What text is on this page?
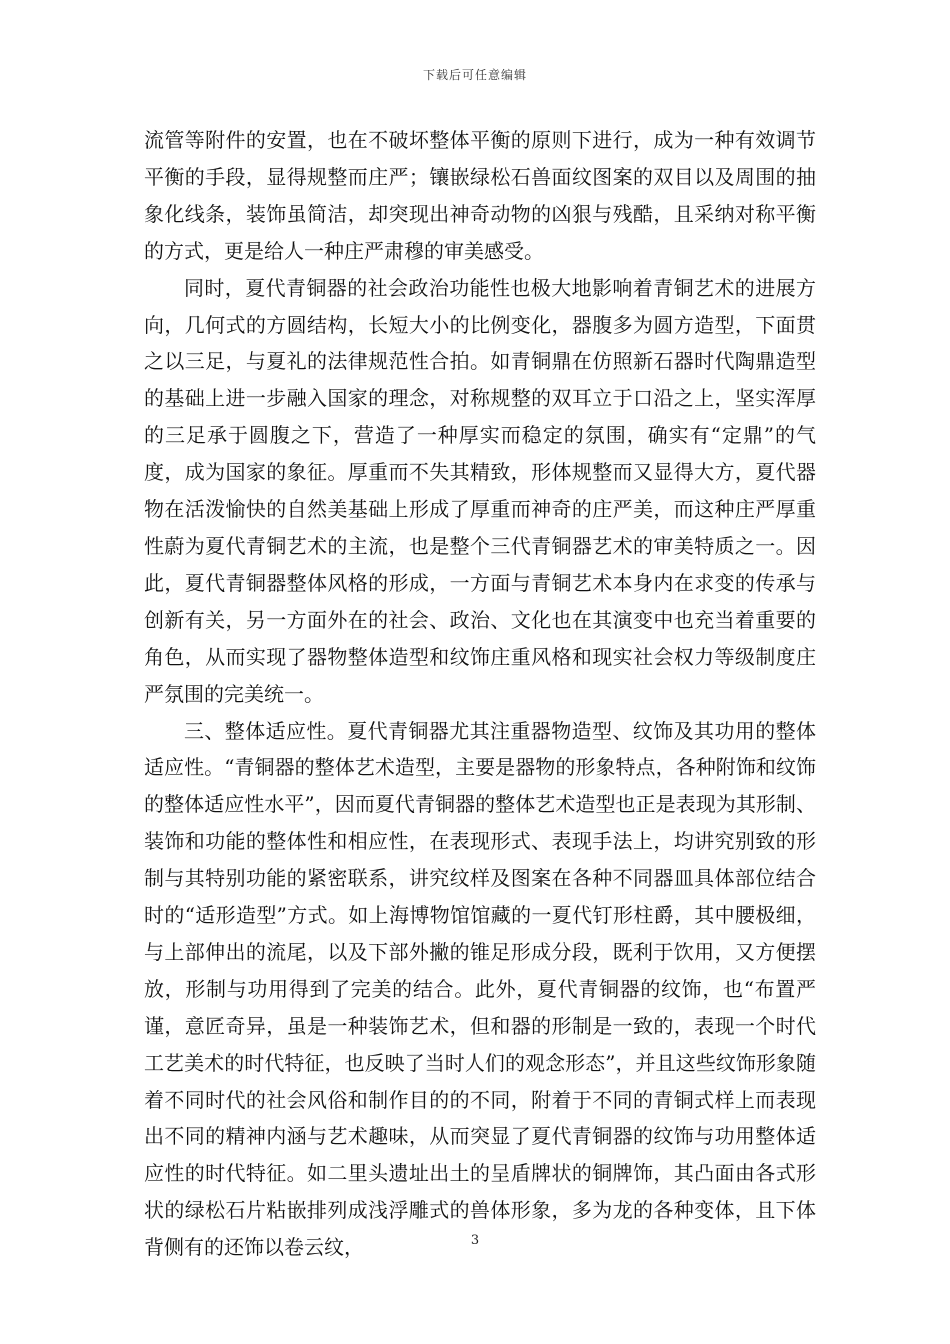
下载后可任意编辑

流管等附件的安置，也在不破坏整体平衡的原则下进行，成为一种有效调节平衡的手段，显得规整而庄严；镶嵌绿松石兽面纹图案的双目以及周围的抽象化线条，装饰虽简洁，却突现出神奇动物的凶狠与残酷，且采纳对称平衡的方式，更是给人一种庄严肃穆的审美感受。

同时，夏代青铜器的社会政治功能性也极大地影响着青铜艺术的进展方向，几何式的方圆结构，长短大小的比例变化，器腹多为圆方造型，下面贯之以三足，与夏礼的法律规范性合拍。如青铜鼎在仿照新石器时代陶鼎造型的基础上进一步融入国家的理念，对称规整的双耳立于口沿之上，坚实浑厚的三足承于圆腹之下，营造了一种厚实而稳定的氛围，确实有“定鼎”的气度，成为国家的象征。厚重而不失其精致，形体规整而又显得大方，夏代器物在活泼愉快的自然美基础上形成了厚重而神奇的庄严美，而这种庄严厚重性蔚为夏代青铜艺术的主流，也是整个三代青铜器艺术的审美特质之一。因此，夏代青铜器整体风格的形成，一方面与青铜艺术本身内在求变的传承与创新有关，另一方面外在的社会、政治、文化也在其演变中也充当着重要的角色，从而实现了器物整体造型和纹饰庄重风格和现实社会权力等级制度庄严氛围的完美统一。

三、整体适应性。夏代青铜器尤其注重器物造型、纹饰及其功用的整体适应性。“青铜器的整体艺术造型，主要是器物的形象特点，各种附饰和纹饰的整体适应性水平”，因而夏代青铜器的整体艺术造型也正是表现为其形制、装饰和功能的整体性和相应性，在表现形式、表现手法上，均讲究别致的形制与其特别功能的紧密联系，讲究纹样及图案在各种不同器皿具体部位结合时的“适形造型”方式。如上海博物馆馆藏的一夏代钉形柱爵，其中腰极细，与上部伸出的流尾，以及下部外撇的锥足形成分段，既利于饮用，又方便摆放，形制与功用得到了完美的结合。此外，夏代青铜器的纹饰，也“布置严谨，意匠奇异，虽是一种装饰艺术，但和器的形制是一致的，表现一个时代工艺美术的时代特征，也反映了当时人们的观念形态”，并且这些纹饰形象随着不同时代的社会风俗和制作目的的不同，附着于不同的青铜式样上而表现出不同的精神内涵与艺术趣味，从而突显了夏代青铜器的纹饰与功用整体适应性的时代特征。如二里头遗址出土的呈盾牌状的铜牌饰，其凸面由各式形状的绿松石片粘嵌排列成浅浮雕式的兽体形象，多为龙的各种变体，且下体背侧有的还饰以卷云纹，	3
